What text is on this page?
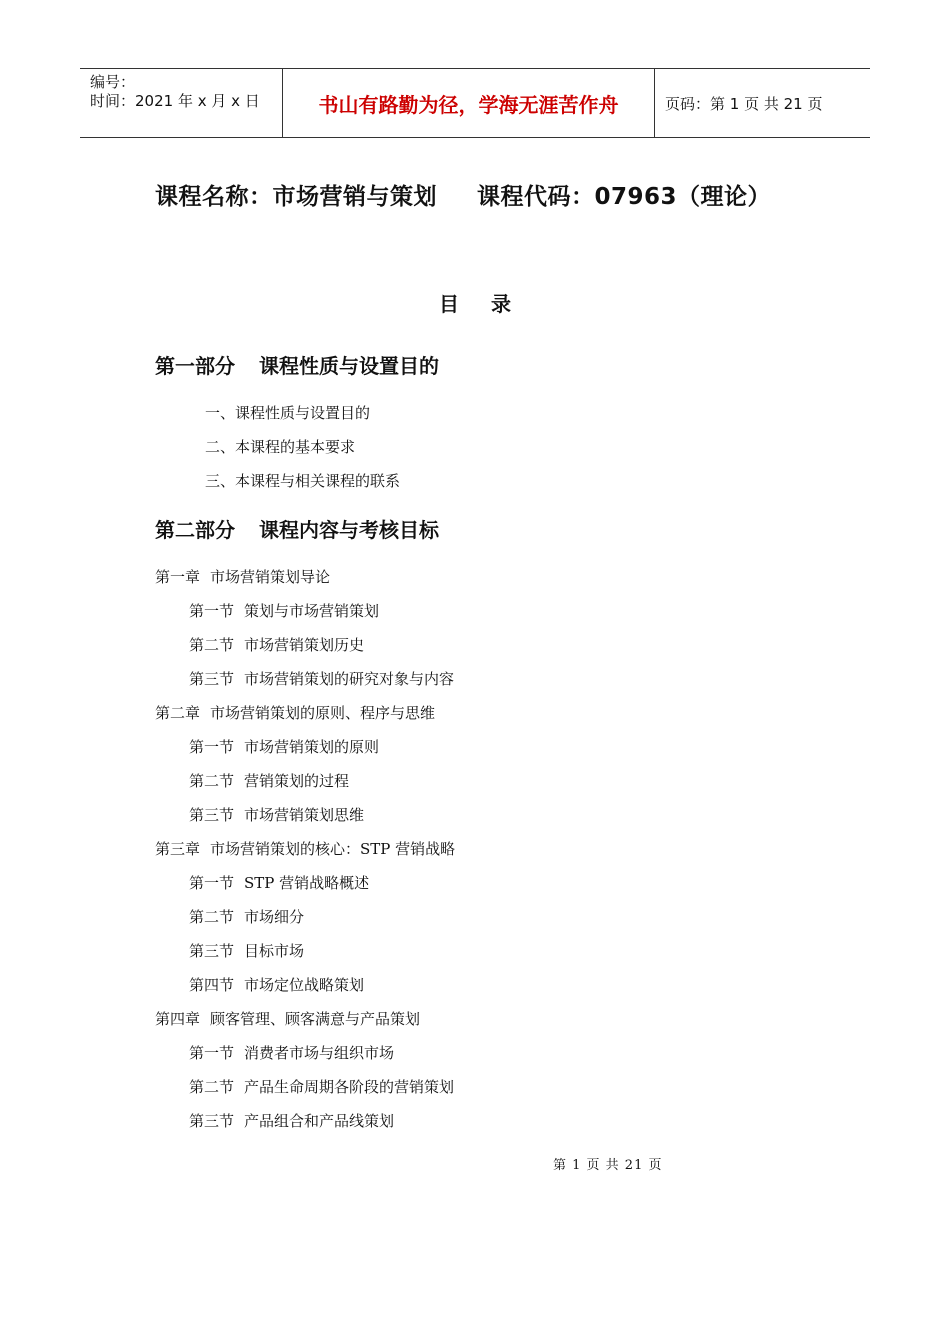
编号：
时间：2021 年 x 月 x 日	书山有路勤为径，学海无涯苦作舟	页码：第 1 页 共 21 页
课程名称：市场营销与策划 课程代码：07963（理论）
目录
第一部分 课程性质与设置目的
一、课程性质与设置目的
二、本课程的基本要求
三、本课程与相关课程的联系
第二部分 课程内容与考核目标
第一章 市场营销策划导论
第一节 策划与市场营销策划
第二节 市场营销策划历史
第三节 市场营销策划的研究对象与内容
第二章 市场营销策划的原则、程序与思维
第一节 市场营销策划的原则
第二节 营销策划的过程
第三节 市场营销策划思维
第三章 市场营销策划的核心：STP 营销战略
第一节 STP 营销战略概述
第二节 市场细分
第三节 目标市场
第四节 市场定位战略策划
第四章 顾客管理、顾客满意与产品策划
第一节 消费者市场与组织市场
第二节 产品生命周期各阶段的营销策划
第三节 产品组合和产品线策划
第 1 页 共 21 页
